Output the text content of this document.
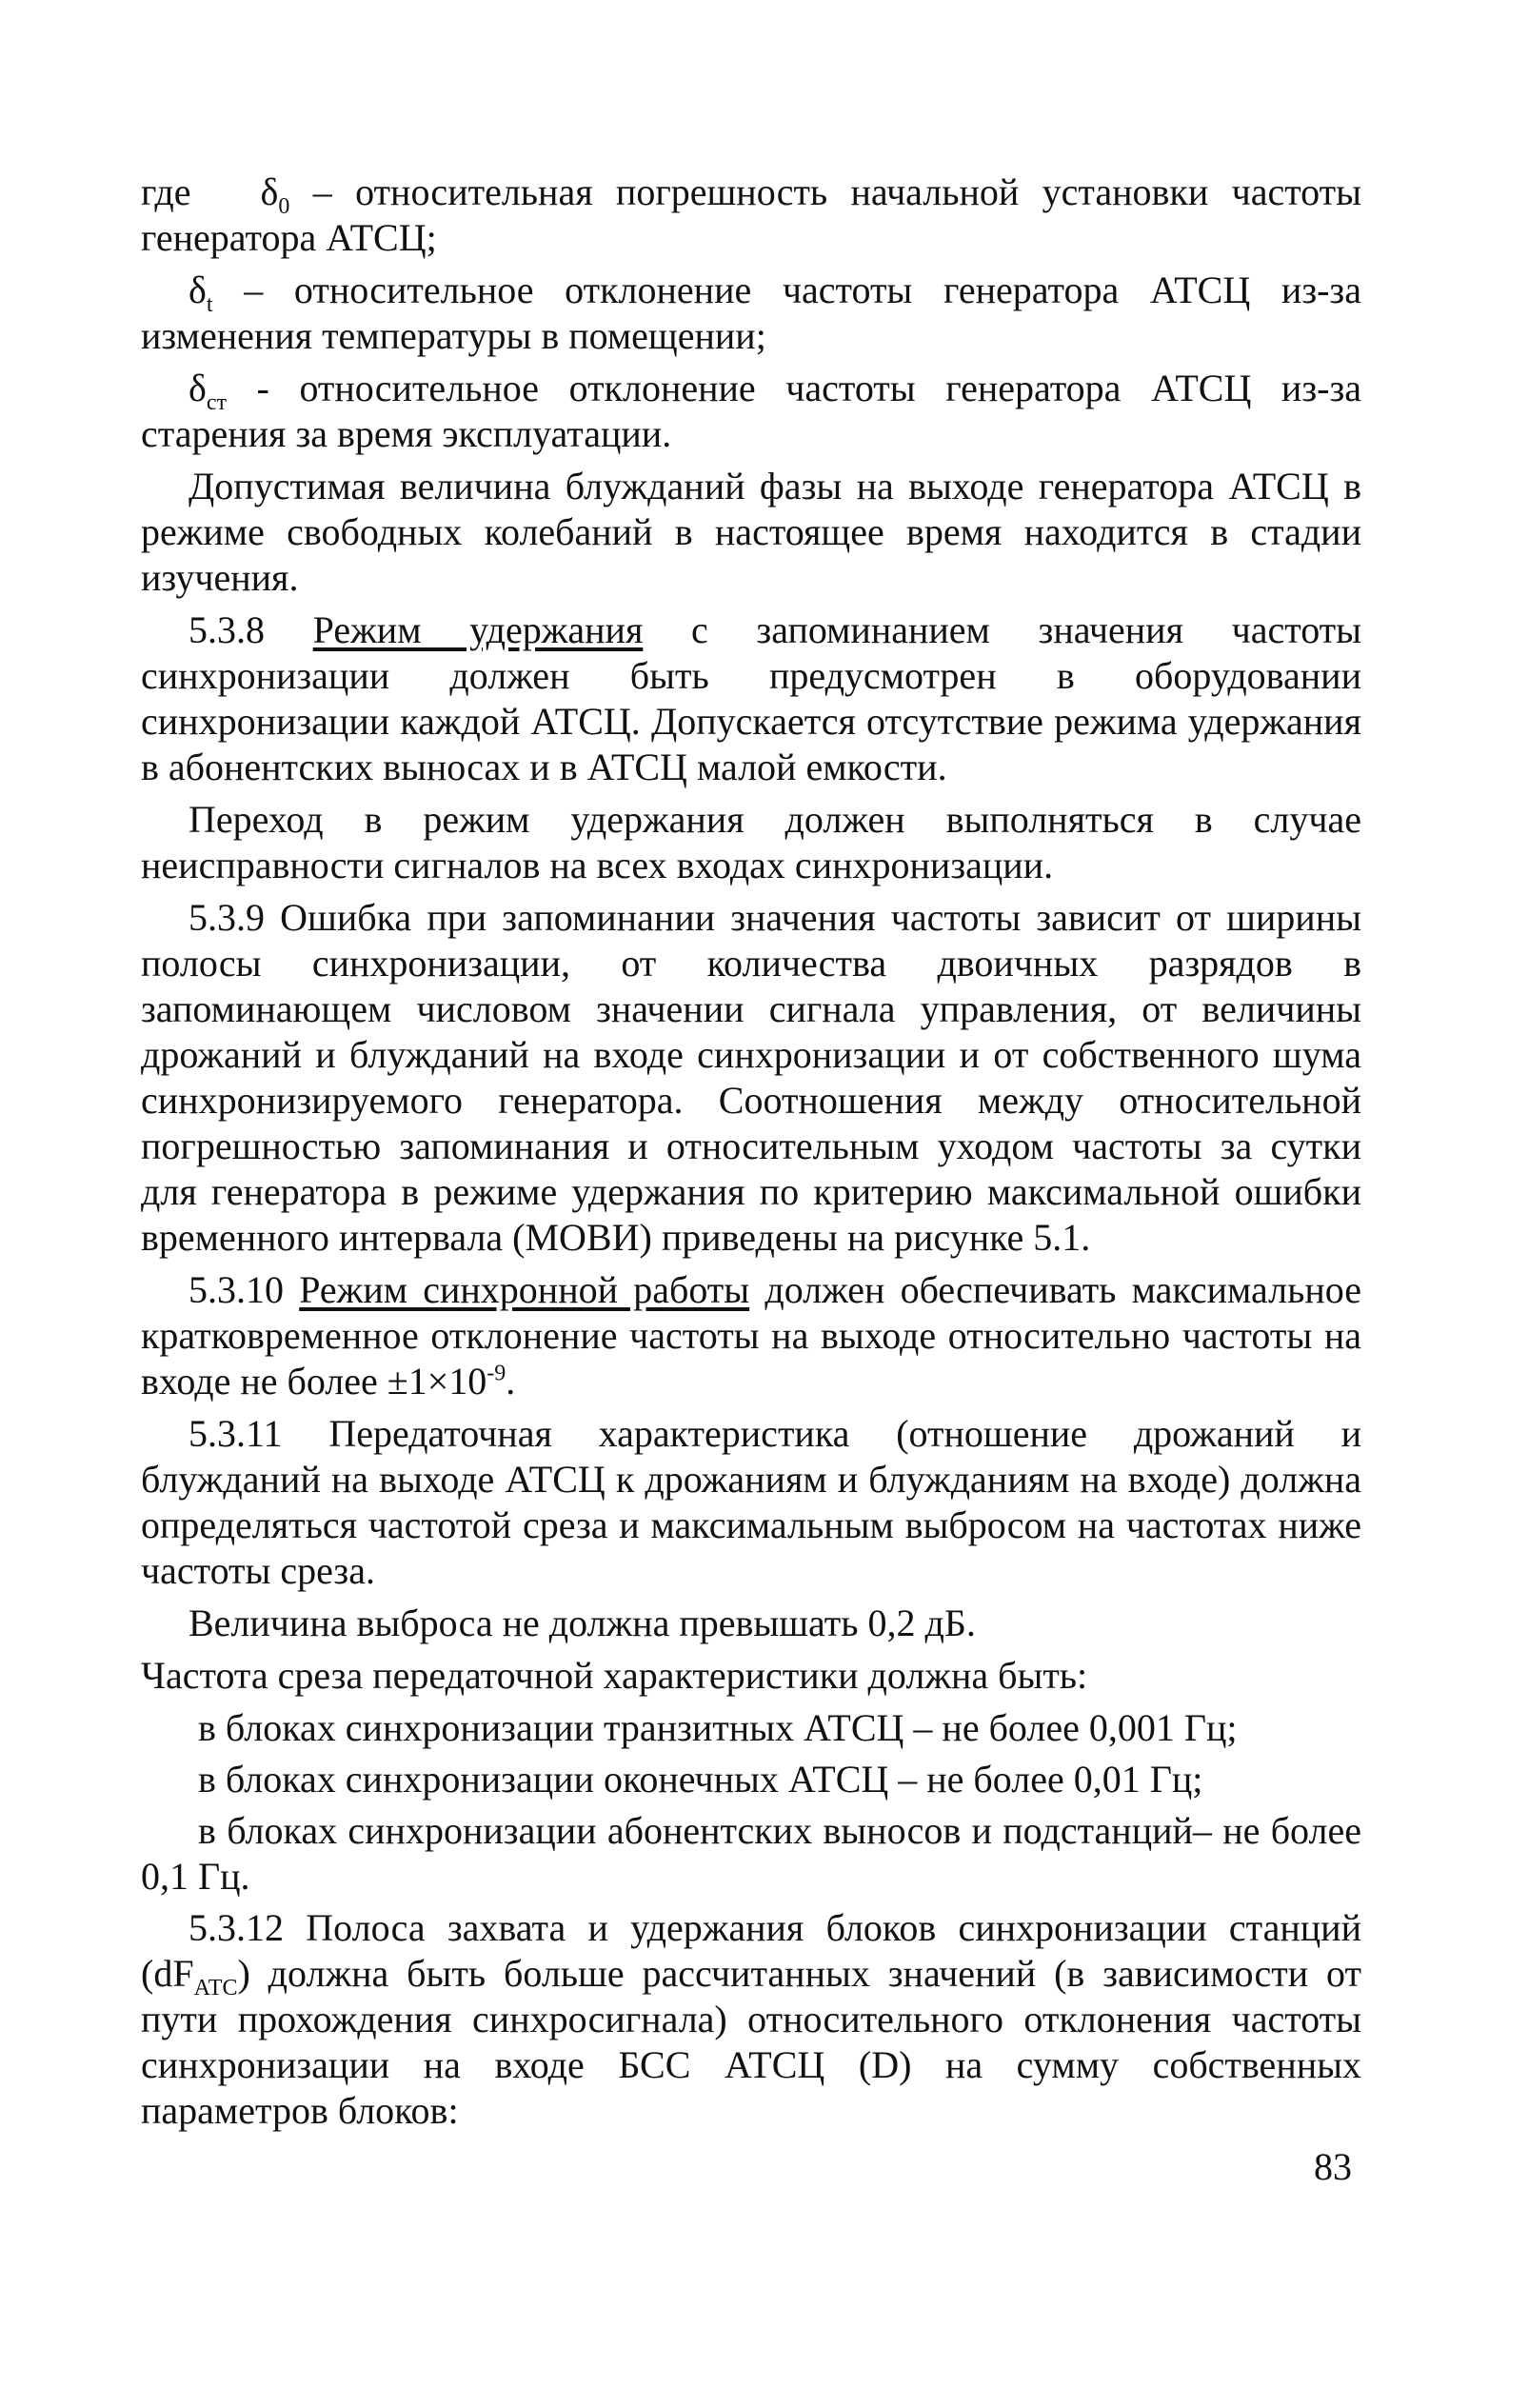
где $\delta_0$ – относительная погрешность начальной установки частоты генератора АТСЦ;

$\delta_t$ – относительное отклонение частоты генератора АТСЦ из-за изменения температуры в помещении;

$\delta_{ст}$ - относительное отклонение частоты генератора АТСЦ из-за старения за время эксплуатации.

Допустимая величина блужданий фазы на выходе генератора АТСЦ в режиме свободных колебаний в настоящее время находится в стадии изучения.

5.3.8 Режим удержания с запоминанием значения частоты синхронизации должен быть предусмотрен в оборудовании синхронизации каждой АТСЦ. Допускается отсутствие режима удержания в абонентских выносах и в АТСЦ малой емкости.

Переход в режим удержания должен выполняться в случае неисправности сигналов на всех входах синхронизации.

5.3.9 Ошибка при запоминании значения частоты зависит от ширины полосы синхронизации, от количества двоичных разрядов в запоминающем числовом значении сигнала управления, от величины дрожаний и блужданий на входе синхронизации и от собственного шума синхронизируемого генератора. Соотношения между относительной погрешностью запоминания и относительным уходом частоты за сутки для генератора в режиме удержания по критерию максимальной ошибки временного интервала (МОВИ) приведены на рисунке 5.1.

5.3.10 Режим синхронной работы должен обеспечивать максимальное кратковременное отклонение частоты на выходе относительно частоты на входе не более $\pm 1\times 10^{-9}$.

5.3.11 Передаточная характеристика (отношение дрожаний и блужданий на выходе АТСЦ к дрожаниям и блужданиям на входе) должна определяться частотой среза и максимальным выбросом на частотах ниже частоты среза.

Величина выброса не должна превышать 0,2 дБ.

Частота среза передаточной характеристики должна быть:

в блоках синхронизации транзитных АТСЦ – не более 0,001 Гц;

в блоках синхронизации оконечных АТСЦ – не более 0,01 Гц;

в блоках синхронизации абонентских выносов и подстанций– не более 0,1 Гц.

5.3.12 Полоса захвата и удержания блоков синхронизации станций $(dF_{АТС})$ должна быть больше рассчитанных значений (в зависимости от пути прохождения синхросигнала) относительного отклонения частоты синхронизации на входе БСС АТСЦ (D) на сумму собственных параметров блоков:

83
